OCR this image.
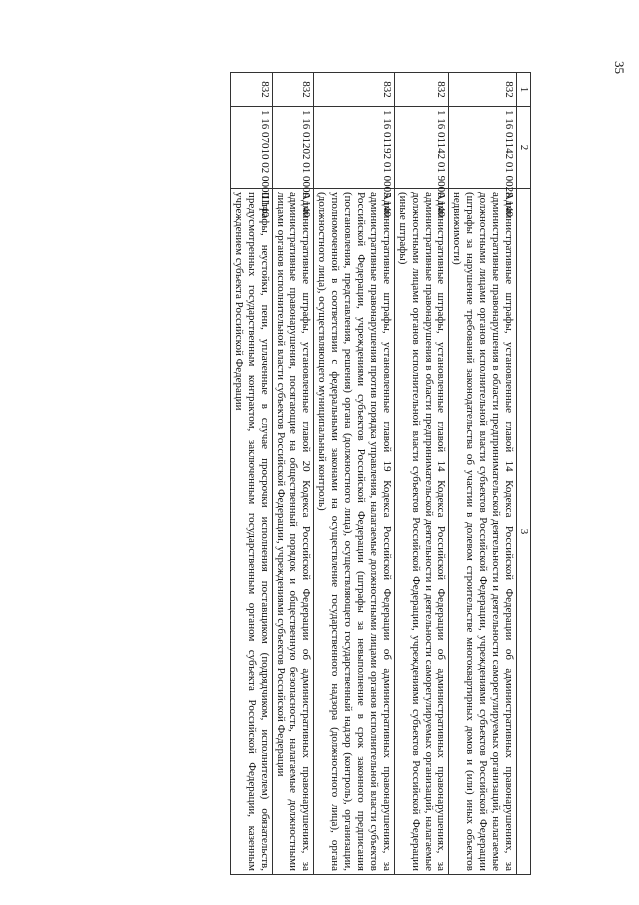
35
1	2	3
832	1 16 01142 01 0028 140	Административные штрафы, установленные главой 14 Кодекса Российской Федерации об административных правонарушениях, за административные правонарушения в области предпринимательской деятельности и деятельности саморегулируемых организаций, налагаемые должностными лицами органов исполнительной власти субъектов Российской Федерации, учреждениями субъектов Российской Федерации (штрафы за нарушение требований законодательства об участии в долевом строительстве многоквартирных домов и (или) иных объектов недвижимости)
832	1 16 01142 01 9000 140	Административные штрафы, установленные главой 14 Кодекса Российской Федерации об административных правонарушениях, за административные правонарушения в области предпринимательской деятельности и деятельности саморегулируемых организаций, налагаемые должностными лицами органов исполнительной власти субъектов Российской Федерации, учреждениями субъектов Российской Федерации (иные штрафы)
832	1 16 01192 01 0005 140	Административные штрафы, установленные главой 19 Кодекса Российской Федерации об административных правонарушениях, за административные правонарушения против порядка управления, налагаемые должностными лицами органов исполнительной власти субъектов Российской Федерации, учреждениями субъектов Российской Федерации (штрафы за невыполнение в срок законного предписания (постановления, представления, решения) органа (должностного лица), осуществляющего государственный надзор (контроль), организации, уполномоченной в соответствии с федеральными законами на осуществление государственного надзора (должностного лица), органа (должностного лица), осуществляющего муниципальный контроль)
832	1 16 01202 01 0000 140	Административные штрафы, установленные главой 20 Кодекса Российской Федерации об административных правонарушениях, за административные правонарушения, посягающие на общественный порядок и общественную безопасность, налагаемые должностными лицами органов исполнительной власти субъектов Российской Федерации, учреждениями субъектов Российской Федерации
832	1 16 07010 02 0000 140	Штрафы, неустойки, пени, уплаченные в случае просрочки исполнения поставщиком (подрядчиком, исполнителем) обязательств, предусмотренных государственным контрактом, заключенным государственным органом субъекта Российской Федерации, казенным учреждением субъекта Российской Федерации
